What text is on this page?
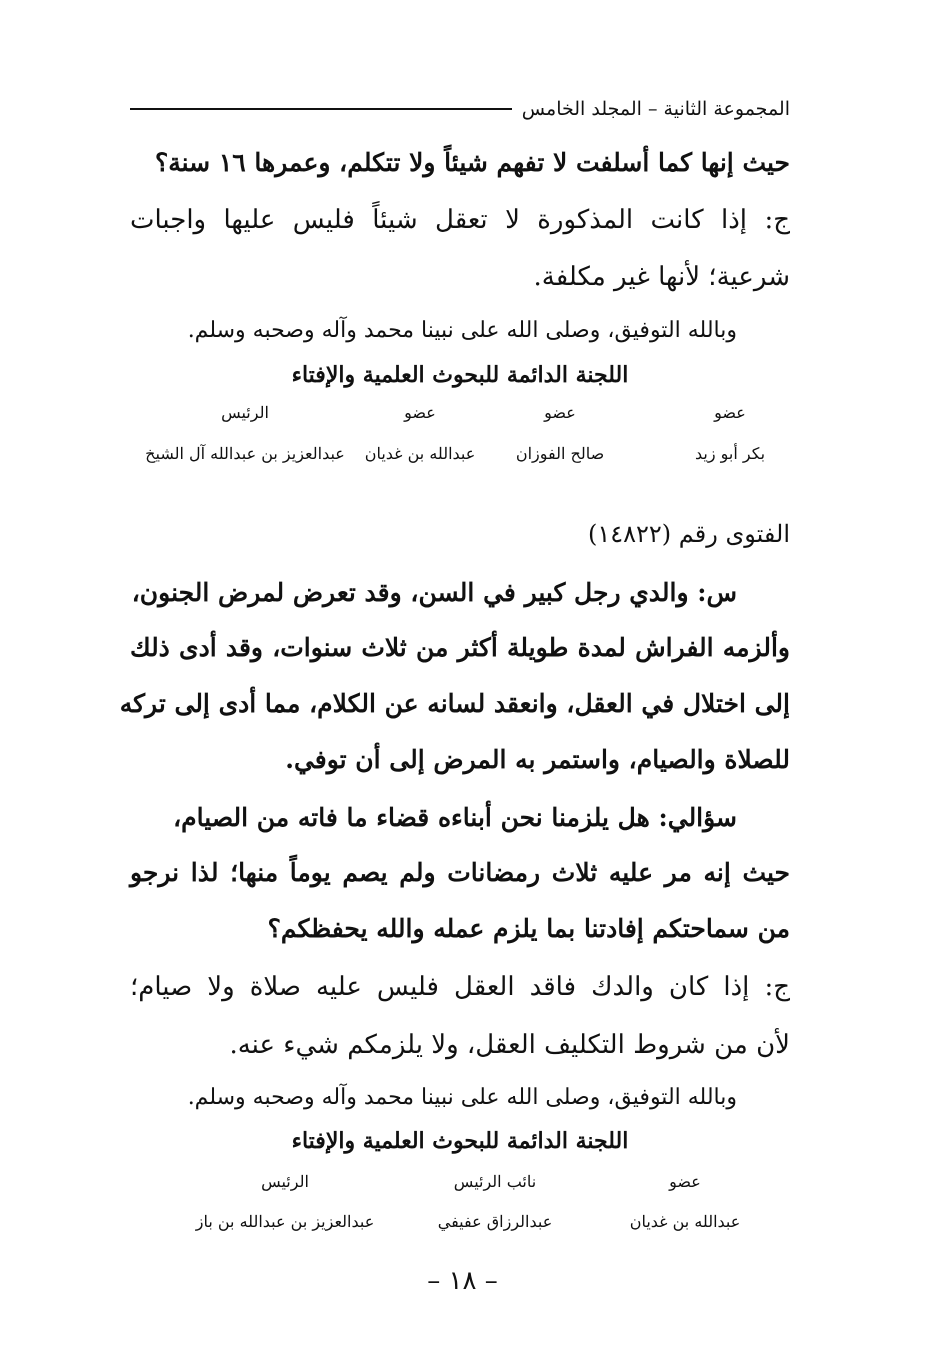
المجموعة الثانية – المجلد الخامس
حيث إنها كما أسلفت لا تفهم شيئاً ولا تتكلم، وعمرها ١٦ سنة؟
ج: إذا كانت المذكورة لا تعقل شيئاً فليس عليها واجبات
شرعية؛ لأنها غير مكلفة.
وبالله التوفيق، وصلى الله على نبينا محمد وآله وصحبه وسلم.
اللجنة الدائمة للبحوث العلمية والإفتاء
عضو
بكر أبو زيد
عضو
صالح الفوزان
عضو
عبدالله بن غديان
الرئيس
عبدالعزيز بن عبدالله آل الشيخ
الفتوى رقم (١٤٨٢٢)
س: والدي رجل كبير في السن، وقد تعرض لمرض الجنون،
وألزمه الفراش لمدة طويلة أكثر من ثلاث سنوات، وقد أدى ذلك
إلى اختلال في العقل، وانعقد لسانه عن الكلام، مما أدى إلى تركه
للصلاة والصيام، واستمر به المرض إلى أن توفي.
سؤالي: هل يلزمنا نحن أبناءه قضاء ما فاته من الصيام،
حيث إنه مر عليه ثلاث رمضانات ولم يصم يوماً منها؛ لذا نرجو
من سماحتكم إفادتنا بما يلزم عمله والله يحفظكم؟
ج: إذا كان والدك فاقد العقل فليس عليه صلاة ولا صيام؛
لأن من شروط التكليف العقل، ولا يلزمكم شيء عنه.
وبالله التوفيق، وصلى الله على نبينا محمد وآله وصحبه وسلم.
اللجنة الدائمة للبحوث العلمية والإفتاء
عضو
عبدالله بن غديان
نائب الرئيس
عبدالرزاق عفيفي
الرئيس
عبدالعزيز بن عبدالله بن باز
– ١٨ –
